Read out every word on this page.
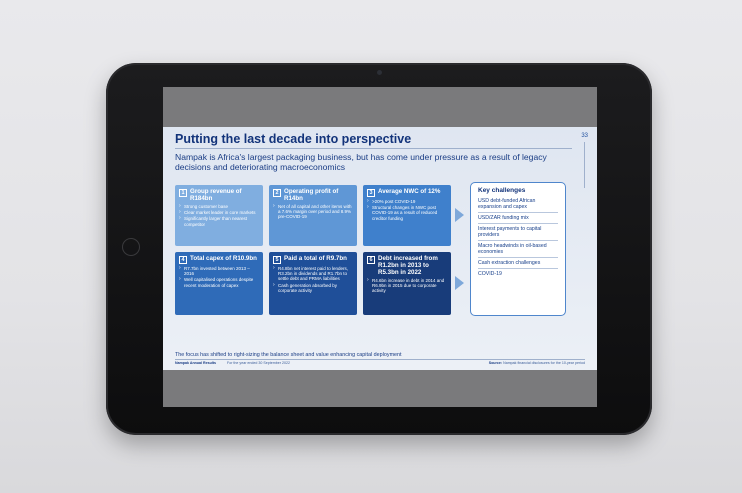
Putting the last decade into perspective	33
Nampak is Africa's largest packaging business, but has come under pressure as a result of legacy decisions and deteriorating macroeconomics
1 Group revenue of R184bn
› Strong customer base
› Clear market leader in core markets
› Significantly larger than nearest competitor
2 Operating profit of R14bn
› Net of all capital and other items with a 7.6% margin over period and 8.9% pre-COVID-19
3 Average NWC of 12%
› >20% post COVID-19
› Structural changes in NWC post COVID-19 as a result of reduced creditor funding
4 Total capex of R10.9bn
› R7.7bn invested between 2013 – 2016
› Well capitalised operations despite recent moderation of capex
5 Paid a total of R9.7bn
› R4.8bn net interest paid to lenders, R3.2bn in dividends and R1.7bn to settle debt and PRMA liabilities
› Cash generation absorbed by corporate activity
6 Debt increased from R1.2bn in 2013 to R5.3bn in 2022
› R4.6bn increase in debt in 2014 and R6.9bn in 2015 due to corporate activity
Key challenges
USD debt-funded African expansion and capex
USD/ZAR funding mix
Interest payments to capital providers
Macro headwinds in oil-based economies
Cash extraction challenges
COVID-19
The focus has shifted to right-sizing the balance sheet and value enhancing capital deployment
Nampak Annual Results	For the year ended 30 September 2022	Source: Nampak financial disclosures for the 10-year period
